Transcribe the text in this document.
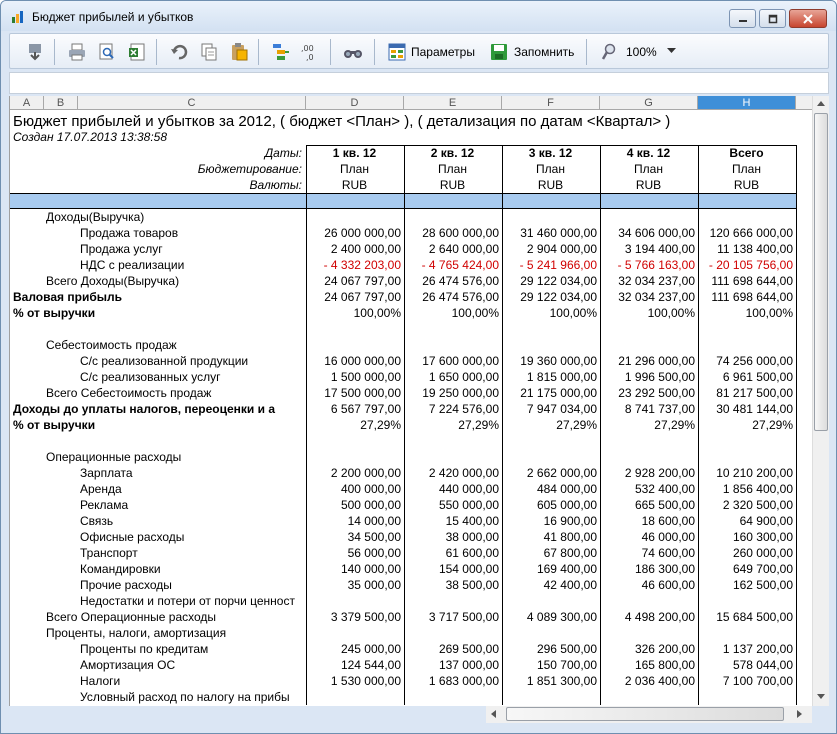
Бюджет прибылей и убытков
,00
,0	Параметры	Запомнить	100%
A	B	C	D	E	F	G	H
Бюджет прибылей и убытков за 2012, ( бюджет <План> ), ( детализация по датам <Квартал> )
Создан 17.07.2013 13:38:58
Даты:	1 кв. 12	2 кв. 12	3 кв. 12	4 кв. 12	Всего
Бюджетирование:	План	План	План	План	План
Валюты:	RUB	RUB	RUB	RUB	RUB
Доходы(Выручка)
Продажа товаров	26 000 000,00	28 600 000,00	31 460 000,00	34 606 000,00	120 666 000,00
Продажа услуг	2 400 000,00	2 640 000,00	2 904 000,00	3 194 400,00	11 138 400,00
НДС с реализации	- 4 332 203,00	- 4 765 424,00	- 5 241 966,00	- 5 766 163,00	- 20 105 756,00
Всего Доходы(Выручка)	24 067 797,00	26 474 576,00	29 122 034,00	32 034 237,00	111 698 644,00
Валовая прибыль	24 067 797,00	26 474 576,00	29 122 034,00	32 034 237,00	111 698 644,00
% от выручки	100,00%	100,00%	100,00%	100,00%	100,00%
Себестоимость продаж
С/с реализованной продукции	16 000 000,00	17 600 000,00	19 360 000,00	21 296 000,00	74 256 000,00
С/с реализованных услуг	1 500 000,00	1 650 000,00	1 815 000,00	1 996 500,00	6 961 500,00
Всего Себестоимость продаж	17 500 000,00	19 250 000,00	21 175 000,00	23 292 500,00	81 217 500,00
Доходы до уплаты налогов, переоценки и а	6 567 797,00	7 224 576,00	7 947 034,00	8 741 737,00	30 481 144,00
% от выручки	27,29%	27,29%	27,29%	27,29%	27,29%
Операционные расходы
Зарплата	2 200 000,00	2 420 000,00	2 662 000,00	2 928 200,00	10 210 200,00
Аренда	400 000,00	440 000,00	484 000,00	532 400,00	1 856 400,00
Реклама	500 000,00	550 000,00	605 000,00	665 500,00	2 320 500,00
Связь	14 000,00	15 400,00	16 900,00	18 600,00	64 900,00
Офисные расходы	34 500,00	38 000,00	41 800,00	46 000,00	160 300,00
Транспорт	56 000,00	61 600,00	67 800,00	74 600,00	260 000,00
Командировки	140 000,00	154 000,00	169 400,00	186 300,00	649 700,00
Прочие расходы	35 000,00	38 500,00	42 400,00	46 600,00	162 500,00
Недостатки и потери от порчи ценност
Всего Операционные расходы	3 379 500,00	3 717 500,00	4 089 300,00	4 498 200,00	15 684 500,00
Проценты, налоги, амортизация
Проценты по кредитам	245 000,00	269 500,00	296 500,00	326 200,00	1 137 200,00
Амортизация ОС	124 544,00	137 000,00	150 700,00	165 800,00	578 044,00
Налоги	1 530 000,00	1 683 000,00	1 851 300,00	2 036 400,00	7 100 700,00
Условный расход по налогу на прибы
